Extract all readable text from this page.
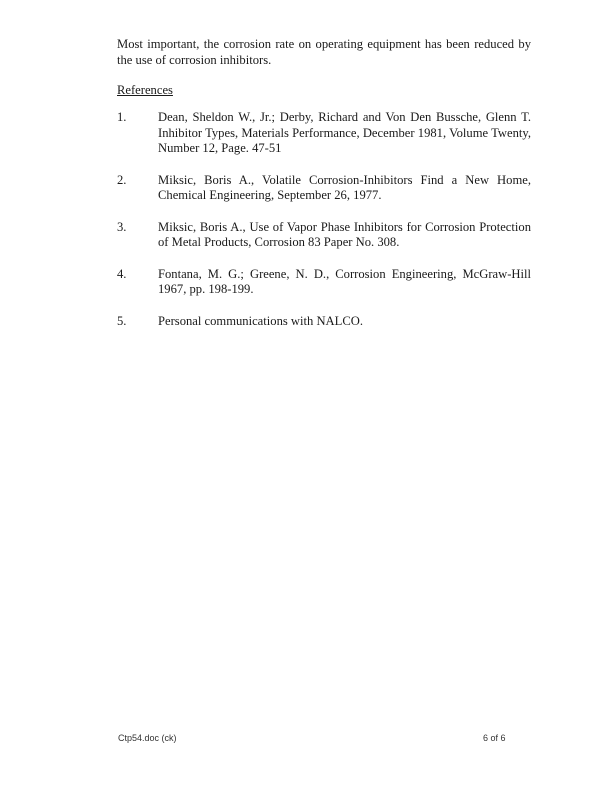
Most important, the corrosion rate on operating equipment has been reduced by the use of corrosion inhibitors.

References

1.	Dean, Sheldon W., Jr.; Derby, Richard and Von Den Bussche, Glenn T. Inhibitor Types, Materials Performance, December 1981, Volume Twenty, Number 12, Page. 47-51
2.	Miksic, Boris A., Volatile Corrosion-Inhibitors Find a New Home, Chemical Engineering, September 26, 1977.
3.	Miksic, Boris A., Use of Vapor Phase Inhibitors for Corrosion Protection of Metal Products, Corrosion 83 Paper No. 308.
4.	Fontana, M. G.; Greene, N. D., Corrosion Engineering, McGraw-Hill 1967, pp. 198-199.
5.	Personal communications with NALCO.
Ctp54.doc (ck)	6 of 6
